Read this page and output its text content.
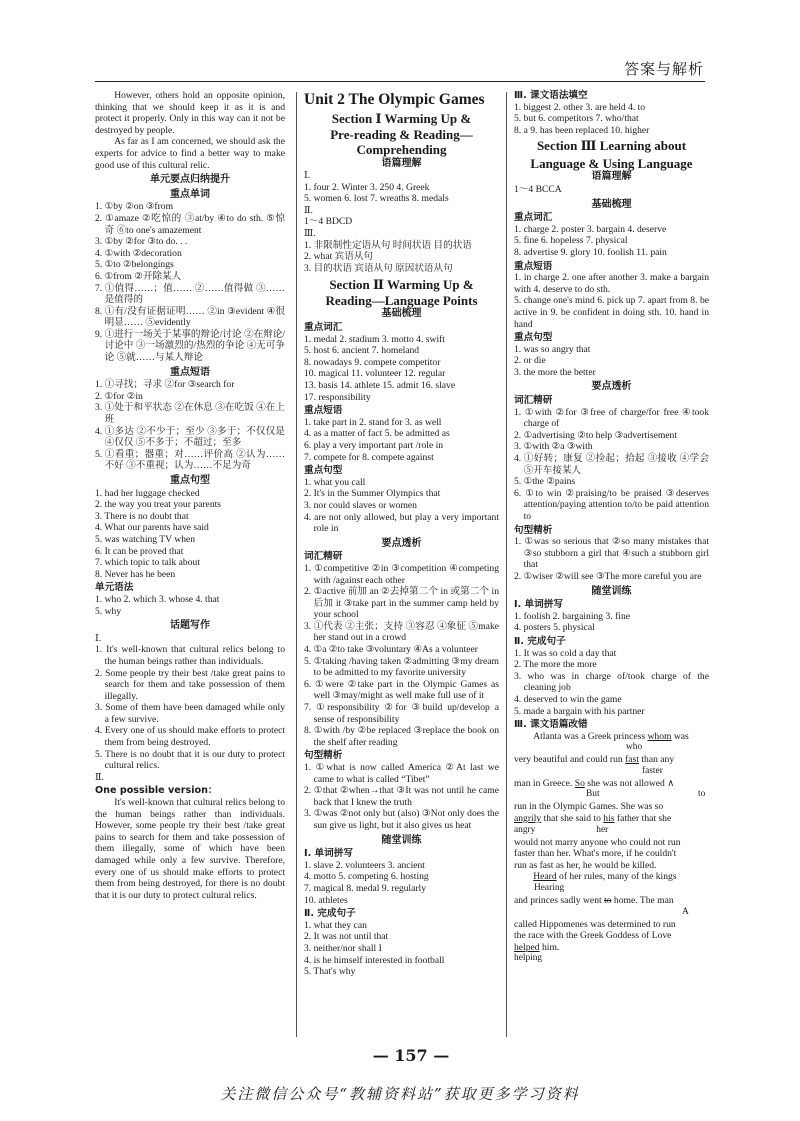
答案与解析

However, others hold an opposite opinion, thinking that we should keep it as it is and protect it properly. Only in this way can it not be destroyed by people.

As far as I am concerned, we should ask the experts for advice to find a better way to make good use of this cultural relic.

单元要点归纳提升
重点单词

1. ①by ②on ③from

2. ①amaze ②吃惊的 ③at/by ④to do sth. ⑤惊奇 ⑥to one's amazement

3. ①by ②for ③to do. . .

4. ①with ②decoration

5. ①to ②belongings

6. ①from ②开除某人

7. ①值得……；值…… ②……值得做 ③……是值得的

8. ①有/没有证据证明…… ②in ③evident ④很明显…… ⑤evidently

9. ①进行一场关于某事的辩论/讨论 ②在辩论/讨论中 ③一场激烈的/热烈的争论 ④无可争论 ⑤就……与某人辩论

重点短语

1. ①寻找；寻求 ②for ③search for

2. ①for ②in

3. ①处于和平状态 ②在休息 ③在吃饭 ④在上班

4. ①多达 ②不少于；至少 ③多于；不仅仅是 ④仅仅 ⑤不多于；不超过；至多

5. ①看重；器重；对……评价高 ②认为……不好 ③不重视；认为……不足为奇

重点句型

1. had her luggage checked

2. the way you treat your parents

3. There is no doubt that

4. What our parents have said

5. was watching TV when

6. It can be proved that

7. which topic to talk about

8. Never has he been

单元语法

1. who 2. which 3. whose 4. that

5. why

话题写作

Ⅰ.

1. It's well-known that cultural relics belong to the human beings rather than individuals.

2. Some people try their best /take great pains to search for them and take possession of them illegally.

3. Some of them have been damaged while only a few survive.

4. Every one of us should make efforts to protect them from being destroyed.

5. There is no doubt that it is our duty to protect cultural relics.

Ⅱ.

One possible version：

It's well-known that cultural relics belong to the human beings rather than individuals. However, some people try their best /take great pains to search for them and take possession of them illegally, some of which have been damaged while only a few survive. Therefore, every one of us should make efforts to protect them from being destroyed, for there is no doubt that it is our duty to protect cultural relics.

Unit 2 The Olympic Games
Section Ⅰ Warming Up &
Pre-reading & Reading—
Comprehending
语篇理解

Ⅰ.

1. four 2. Winter 3. 250 4. Greek

5. women 6. lost 7. wreaths 8. medals

Ⅱ.

1～4 BDCD

Ⅲ.

1. 非限制性定语从句 时间状语 目的状语

2. what 宾语从句

3. 目的状语 宾语从句 原因状语从句

Section Ⅱ Warming Up &
Reading—Language Points
基础梳理
重点词汇

1. medal 2. stadium 3. motto 4. swift

5. host 6. ancient 7. homeland

8. nowadays 9. compete competitor

10. magical 11. volunteer 12. regular

13. basis 14. athlete 15. admit 16. slave

17. responsibility

重点短语

1. take part in 2. stand for 3. as well

4. as a matter of fact 5. be admitted as

6. play a very important part /role in

7. compete for 8. compete against

重点句型

1. what you call

2. It's in the Summer Olympics that

3. nor could slaves or women

4. are not only allowed, but play a very important role in

要点透析
词汇精研

1. ①competitive ②in ③competition ④competing with /against each other

2. ①active 前加 an ②去掉第二个 in 或第二个 in 后加 it ③take part in the summer camp held by your school

3. ①代表 ②主张；支持 ③容忍 ④象征 ⑤make her stand out in a crowd

4. ①a ②to take ③voluntary ④As a volunteer

5. ①taking /having taken ②admitting ③my dream to be admitted to my favorite university

6. ①were ②take part in the Olympic Games as well ③may/might as well make full use of it

7. ①responsibility ②for ③build up/develop a sense of responsibility

8. ①with /by ②be replaced ③replace the book on the shelf after reading

句型精析

1. ①what is now called America ②At last we came to what is called “Tibet”

2. ①that ②when→that ③It was not until he came back that I knew the truth

3. ①was ②not only but (also) ③Not only does the sun give us light, but it also gives us heat

随堂训练
Ⅰ. 单词拼写

1. slave 2. volunteers 3. ancient

4. motto 5. competing 6. hosting

7. magical 8. medal 9. regularly

10. athletes

Ⅱ. 完成句子

1. what they can

2. It was not until that

3. neither/nor shall I

4. is he himself interested in football

5. That's why

Ⅲ. 课文语法填空

1. biggest 2. other 3. are held 4. to

5. but 6. competitors 7. who/that

8. a 9. has been replaced 10. higher

Section Ⅲ Learning about
Language & Using Language
语篇理解

1～4 BCCA

基础梳理
重点词汇

1. charge 2. poster 3. bargain 4. deserve

5. fine 6. hopeless 7. physical

8. advertise 9. glory 10. foolish 11. pain

重点短语

1. in charge 2. one after another 3. make a bargain with 4. deserve to do sth.

5. change one's mind 6. pick up 7. apart from 8. be active in 9. be confident in doing sth. 10. hand in hand

重点句型

1. was so angry that

2. or die

3. the more the better

要点透析
词汇精研

1. ①with ②for ③free of charge/for free ④took charge of

2. ①advertising ②to help ③advertisement

3. ①with ②a ③with

4. ①好转；康复 ②捡起；拾起 ③接收 ④学会 ⑤开车接某人

5. ①the ②pains

6. ①to win ②praising/to be praised ③deserves attention/paying attention to/to be paid attention to

句型精析

1. ①was so serious that ②so many mistakes that ③so stubborn a girl that ④such a stubborn girl that

2. ①wiser ②will see ③The more careful you are

随堂训练
Ⅰ. 单词拼写

1. foolish 2. bargaining 3. fine

4. posters 5. physical

Ⅱ. 完成句子

1. It was so cold a day that

2. The more the more

3. who was in charge of/took charge of the cleaning job

4. deserved to win the game

5. made a bargain with his partner

Ⅲ. 课文语篇改错

Atlanta was a Greek princess whom was

who

very beautiful and could run fast than any

faster

man in Greece. So she was not allowed ∧

But                                          to

run in the Olympic Games. She was so

angrily that she said to his father that she

angry                          her

would not marry anyone who could not run

faster than her. What's more, if he couldn't

run as fast as her, he would be killed.

Heard of her rules, many of the kings

Hearing

and princes sadly went to home. The man

A

called Hippomenes was determined to run

the race with the Greek Goddess of Love

helped him.

helping
— 157 —
关注微信公众号“教辅资料站”获取更多学习资料
